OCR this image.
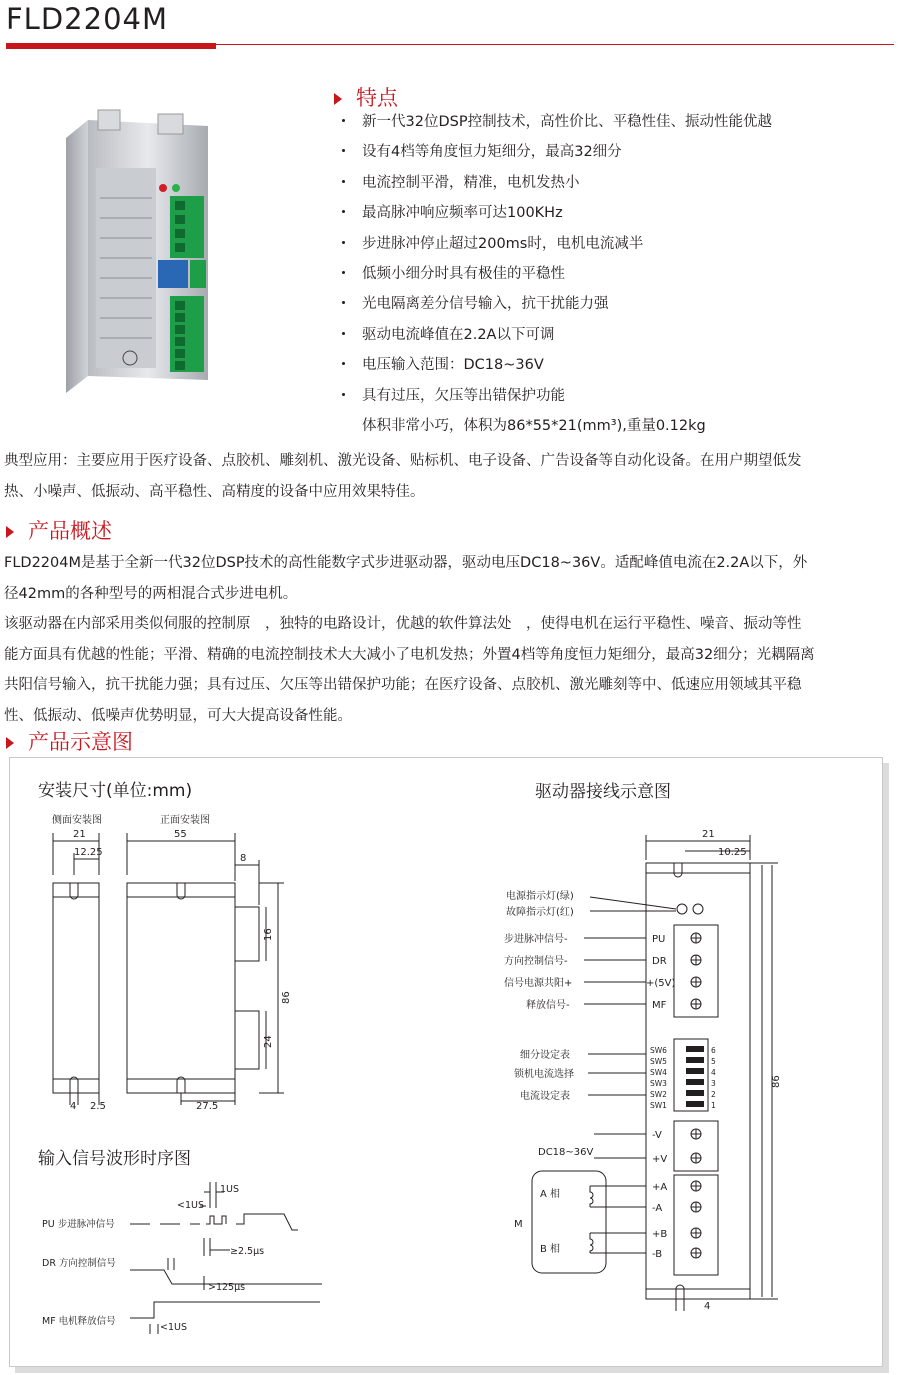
FLD2204M
特点
新一代32位DSP控制技术，高性价比、平稳性佳、振动性能优越
设有4档等角度恒力矩细分，最高32细分
电流控制平滑，精准，电机发热小
最高脉冲响应频率可达100KHz
步进脉冲停止超过200ms时，电机电流减半
低频小细分时具有极佳的平稳性
光电隔离差分信号输入，抗干扰能力强
驱动电流峰值在2.2A以下可调
电压输入范围：DC18~36V
具有过压，欠压等出错保护功能
体积非常小巧，体积为86*55*21(mm³),重量0.12kg

典型应用：主要应用于医疗设备、点胶机、雕刻机、激光设备、贴标机、电子设备、广告设备等自动化设备。在用户期望低发
热、小噪声、低振动、高平稳性、高精度的设备中应用效果特佳。

产品概述

FLD2204M是基于全新一代32位DSP技术的高性能数字式步进驱动器，驱动电压DC18~36V。适配峰值电流在2.2A以下，外
径42mm的各种型号的两相混合式步进电机。

该驱动器在内部采用类似伺服的控制原　，独特的电路设计，优越的软件算法处　，使得电机在运行平稳性、噪音、振动等性
能方面具有优越的性能；平滑、精确的电流控制技术大大减小了电机发热；外置4档等角度恒力矩细分，最高32细分；光耦隔离
共阳信号输入，抗干扰能力强；具有过压、欠压等出错保护功能；在医疗设备、点胶机、激光雕刻等中、低速应用领域其平稳
性、低振动、低噪声优势明显，可大大提高设备性能。

产品示意图
安装尺寸(单位:mm)
输入信号波形时序图
驱动器接线示意图
侧面安装图	正面安装图
21
12.25
55
8
16
86
24
4 2.5	27.5
1US
<1US
PU 步进脉冲信号
DR 方向控制信号
≥2.5μs
>125μs
MF 电机释放信号
<1US
21
10.25
86
4
电源指示灯(绿)
故障指示灯(红)
步进脉冲信号-
方向控制信号-
信号电源共阳+
释放信号-
PU
DR
+(5V)
MF
细分设定表
锁机电流选择
电流设定表
SW6
SW5
SW4
SW3
SW2
SW1
6
5
4
3
2
1
DC18~36V
-V
+V
+A
-A
+B
-B
A 相
B 相
M
